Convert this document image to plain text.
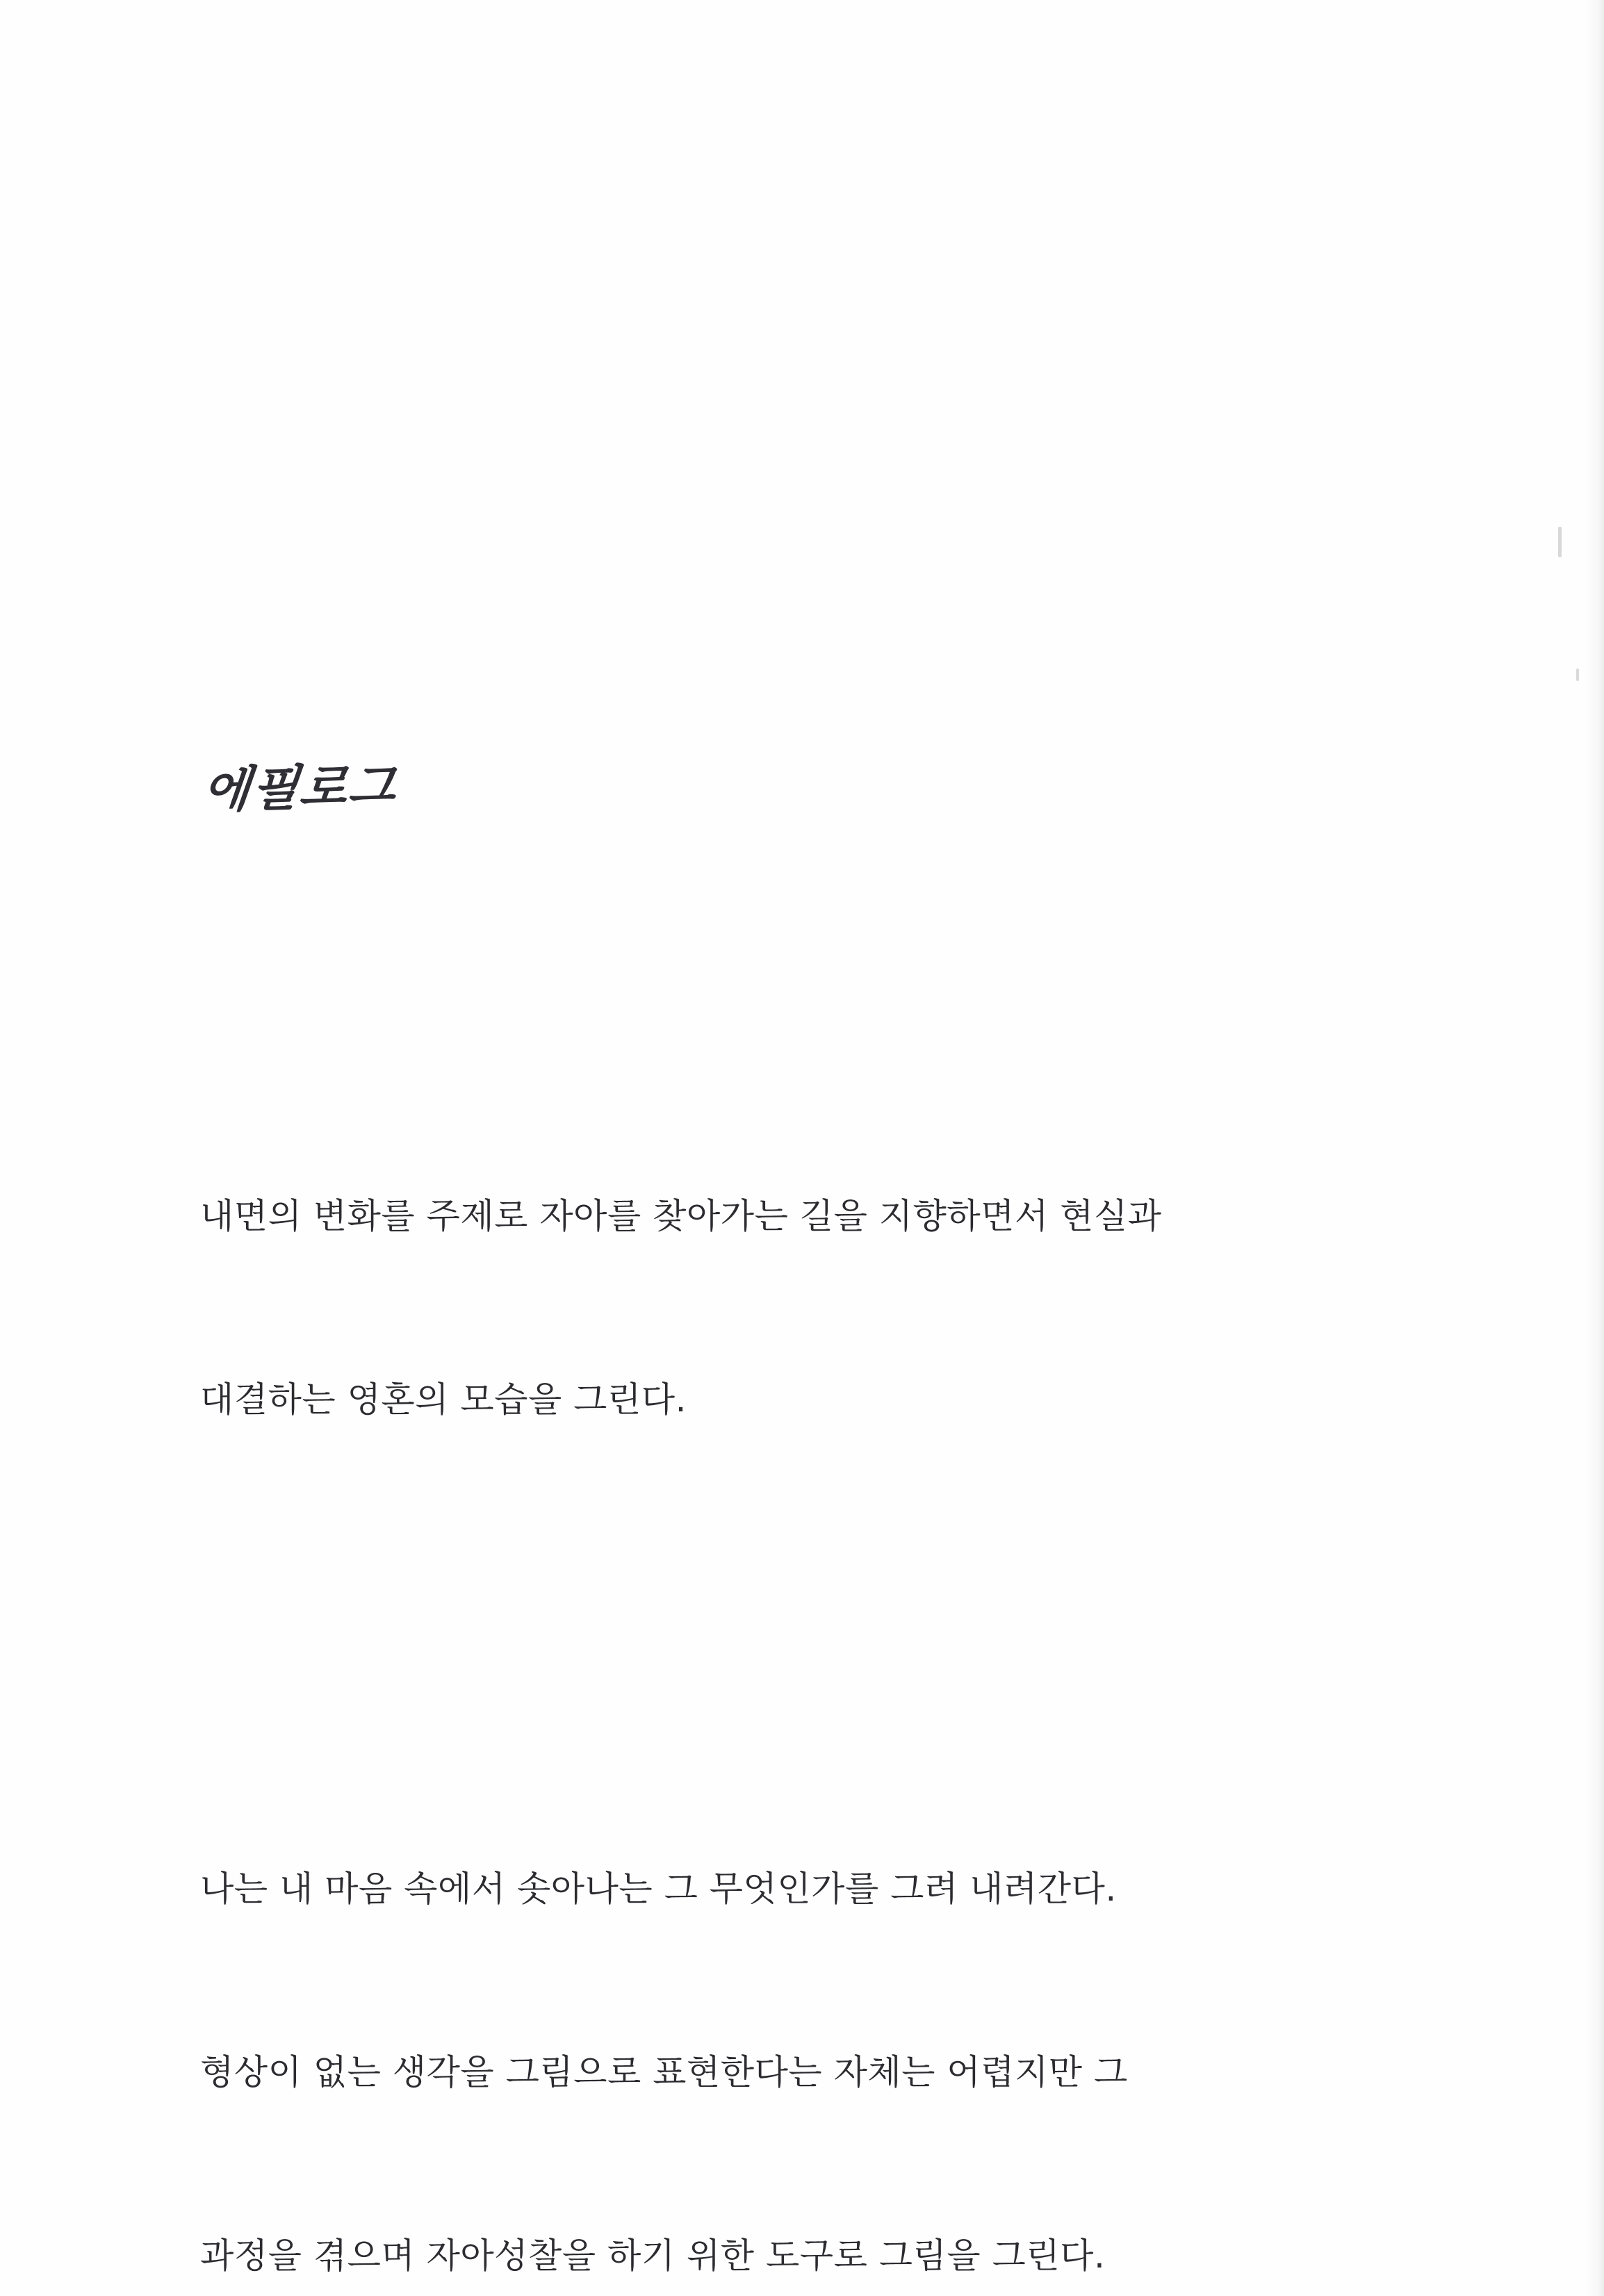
에필로그

내면의 변화를 주제로 자아를 찾아가는 길을 지향하면서 현실과

대결하는 영혼의 모습을 그린다.

나는 내 마음 속에서 솟아나는 그 무엇인가를 그려 내려간다.

형상이 없는 생각을 그림으로 표현한다는 자체는 어렵지만 그

과정을 겪으며 자아성찰을 하기 위한 도구로 그림을 그린다.
